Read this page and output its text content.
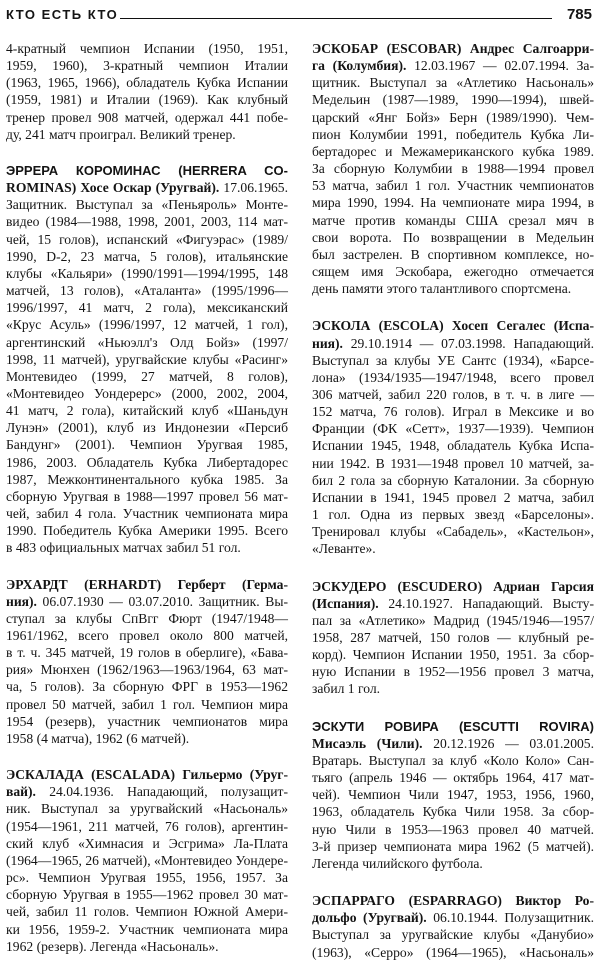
КТО ЕСТЬ КТО	785

4-кратный чемпион Испании (1950, 1951,
1959, 1960), 3-кратный чемпион Италии
(1963, 1965, 1966), обладатель Кубка Испании
(1959, 1981) и Италии (1969). Как клубный
тренер провел 908 матчей, одержал 441 побе-
ду, 241 матч проиграл. Великий тренер.

ЭРРЕРА КОРОМИНАС (HERRERA CO-
ROMINAS) Хосе Оскар (Уругвай). 17.06.1965.
Защитник. Выступал за «Пеньяроль» Монте-
видео (1984—1988, 1998, 2001, 2003, 114 мат-
чей, 15 голов), испанский «Фигуэрас» (1989/
1990, D-2, 23 матча, 5 голов), итальянские
клубы «Кальяри» (1990/1991—1994/1995, 148
матчей, 13 голов), «Аталанта» (1995/1996—
1996/1997, 41 матч, 2 гола), мексиканский
«Крус Асуль» (1996/1997, 12 матчей, 1 гол),
аргентинский «Ньюэлл'з Олд Бойз» (1997/
1998, 11 матчей), уругвайские клубы «Расинг»
Монтевидео (1999, 27 матчей, 8 голов),
«Монтевидео Уондерерс» (2000, 2002, 2004,
41 матч, 2 гола), китайский клуб «Шаньдун
Лунэн» (2001), клуб из Индонезии «Персиб
Бандунг» (2001). Чемпион Уругвая 1985,
1986, 2003. Обладатель Кубка Либертадорес
1987, Межконтинентального кубка 1985. За
сборную Уругвая в 1988—1997 провел 56 мат-
чей, забил 4 гола. Участник чемпионата мира
1990. Победитель Кубка Америки 1995. Всего
в 483 официальных матчах забил 51 гол.

ЭРХАРДТ (ERHARDT) Герберт (Герма-
ния). 06.07.1930 — 03.07.2010. Защитник. Вы-
ступал за клубы СпВгг Фюрт (1947/1948—
1961/1962, всего провел около 800 матчей,
в т. ч. 345 матчей, 19 голов в оберлиге), «Бава-
рия» Мюнхен (1962/1963—1963/1964, 63 мат-
ча, 5 голов). За сборную ФРГ в 1953—1962
провел 50 матчей, забил 1 гол. Чемпион мира
1954 (резерв), участник чемпионатов мира
1958 (4 матча), 1962 (6 матчей).

ЭСКАЛАДА (ESCALADA) Гильермо (Уруг-
вай). 24.04.1936. Нападающий, полузащит-
ник. Выступал за уругвайский «Насьональ»
(1954—1961, 211 матчей, 76 голов), аргентин-
ский клуб «Химнасия и Эсгрима» Ла-Плата
(1964—1965, 26 матчей), «Монтевидео Уондере-
рс». Чемпион Уругвая 1955, 1956, 1957. За
сборную Уругвая в 1955—1962 провел 30 мат-
чей, забил 11 голов. Чемпион Южной Амери-
ки 1956, 1959-2. Участник чемпионата мира
1962 (резерв). Легенда «Насьональ».

ЭСКОБАР (ESCOBAR) Андрес Салгоарри-
га (Колумбия). 12.03.1967 — 02.07.1994. За-
щитник. Выступал за «Атлетико Насьональ»
Медельин (1987—1989, 1990—1994), швей-
царский «Янг Бойз» Берн (1989/1990). Чем-
пион Колумбии 1991, победитель Кубка Ли-
бертадорес и Межамериканского кубка 1989.
За сборную Колумбии в 1988—1994 провел
53 матча, забил 1 гол. Участник чемпионатов
мира 1990, 1994. На чемпионате мира 1994, в
матче против команды США срезал мяч в
свои ворота. По возвращении в Медельин
был застрелен. В спортивном комплексе, но-
сящем имя Эскобара, ежегодно отмечается
день памяти этого талантливого спортсмена.

ЭСКОЛА (ESCOLA) Хосеп Сегалес (Испа-
ния). 29.10.1914 — 07.03.1998. Нападающий.
Выступал за клубы УЕ Сантс (1934), «Барсе-
лона» (1934/1935—1947/1948, всего провел
306 матчей, забил 220 голов, в т. ч. в лиге —
152 матча, 76 голов). Играл в Мексике и во
Франции (ФК «Сетт», 1937—1939). Чемпион
Испании 1945, 1948, обладатель Кубка Испа-
нии 1942. В 1931—1948 провел 10 матчей, за-
бил 2 гола за сборную Каталонии. За сборную
Испании в 1941, 1945 провел 2 матча, забил
1 гол. Одна из первых звезд «Барселоны».
Тренировал клубы «Сабадель», «Кастельон»,
«Леванте».

ЭСКУДЕРО (ESCUDERO) Адриан Гарсия
(Испания). 24.10.1927. Нападающий. Высту-
пал за «Атлетико» Мадрид (1945/1946—1957/
1958, 287 матчей, 150 голов — клубный ре-
корд). Чемпион Испании 1950, 1951. За сбор-
ную Испании в 1952—1956 провел 3 матча,
забил 1 гол.

ЭСКУТИ РОВИРА (ESCUTTI ROVIRA)
Мисаэль (Чили). 20.12.1926 — 03.01.2005.
Вратарь. Выступал за клуб «Коло Коло» Сан-
тьяго (апрель 1946 — октябрь 1964, 417 мат-
чей). Чемпион Чили 1947, 1953, 1956, 1960,
1963, обладатель Кубка Чили 1958. За сбор-
ную Чили в 1953—1963 провел 40 матчей.
3-й призер чемпионата мира 1962 (5 матчей).
Легенда чилийского футбола.

ЭСПАРРАГО (ESPARRAGO) Виктор Ро-
дольфо (Уругвай). 06.10.1944. Полузащитник.
Выступал за уругвайские клубы «Данубио»
(1963), «Серро» (1964—1965), «Насьональ»
